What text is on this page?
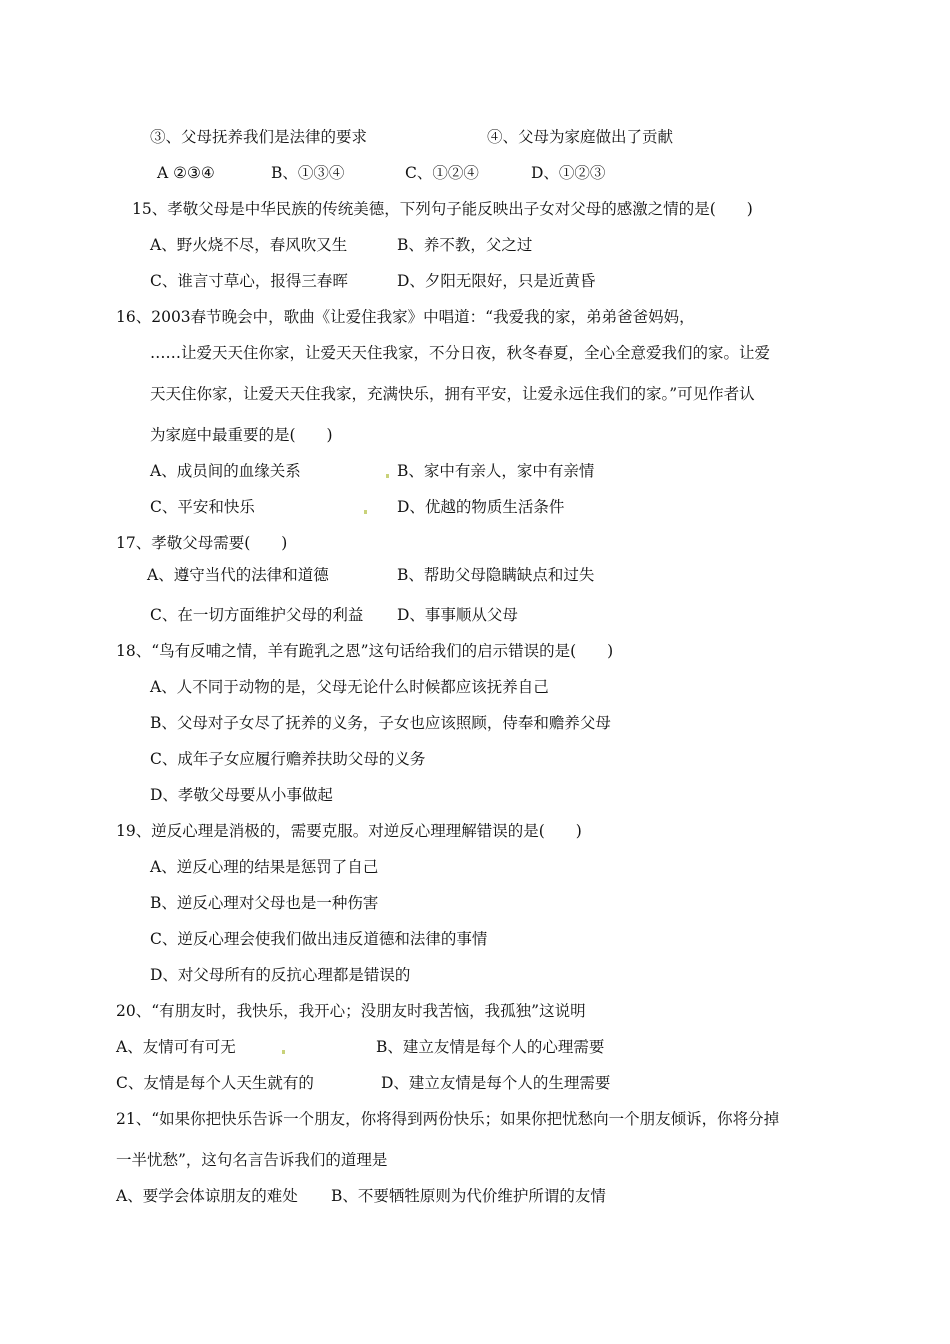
③、父母抚养我们是法律的要求	④、父母为家庭做出了贡献
A ②③④	B、①③④	C、①②④	D、①②③
15、孝敬父母是中华民族的传统美德，下列句子能反映出子女对父母的感激之情的是(　　)
A、野火烧不尽，春风吹又生	B、养不教，父之过
C、谁言寸草心，报得三春晖	D、夕阳无限好，只是近黄昏
16、2003春节晚会中，歌曲《让爱住我家》中唱道：“我爱我的家，弟弟爸爸妈妈，
……让爱天天住你家，让爱天天住我家，不分日夜，秋冬春夏，全心全意爱我们的家。让爱
天天住你家，让爱天天住我家，充满快乐，拥有平安，让爱永远住我们的家。”可见作者认
为家庭中最重要的是(　　)
A、成员间的血缘关系	B、家中有亲人，家中有亲情
C、平安和快乐	D、优越的物质生活条件
17、孝敬父母需要(　　)
A、遵守当代的法律和道德	B、帮助父母隐瞒缺点和过失
C、在一切方面维护父母的利益 D、事事顺从父母
18、“鸟有反哺之情，羊有跪乳之恩”这句话给我们的启示错误的是(　　)
A、人不同于动物的是，父母无论什么时候都应该抚养自己
B、父母对子女尽了抚养的义务，子女也应该照顾，侍奉和赡养父母
C、成年子女应履行赡养扶助父母的义务
D、孝敬父母要从小事做起
19、逆反心理是消极的，需要克服。对逆反心理理解错误的是(　　)
A、逆反心理的结果是惩罚了自己
B、逆反心理对父母也是一种伤害
C、逆反心理会使我们做出违反道德和法律的事情
D、对父母所有的反抗心理都是错误的
20、“有朋友时，我快乐，我开心；没朋友时我苦恼，我孤独”这说明
A、友情可有可无	B、建立友情是每个人的心理需要
C、友情是每个人天生就有的	D、建立友情是每个人的生理需要
21、“如果你把快乐告诉一个朋友，你将得到两份快乐；如果你把忧愁向一个朋友倾诉，你将分掉
一半忧愁”，这句名言告诉我们的道理是
A、要学会体谅朋友的难处 B、不要牺牲原则为代价维护所谓的友情
